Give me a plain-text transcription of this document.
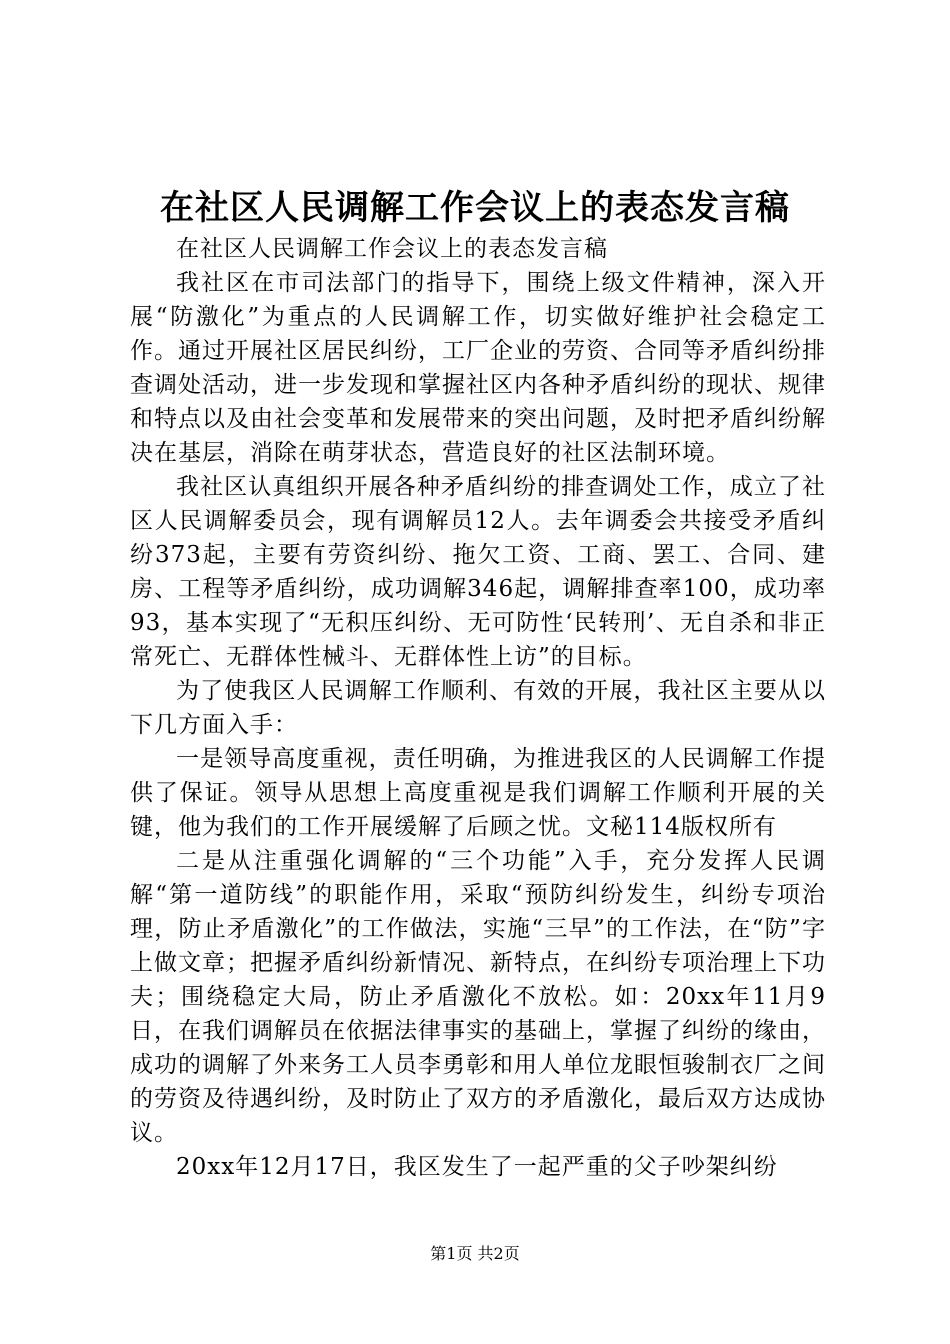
在社区人民调解工作会议上的表态发言稿

在社区人民调解工作会议上的表态发言稿

我社区在市司法部门的指导下，围绕上级文件精神，深入开展“防激化”为重点的人民调解工作，切实做好维护社会稳定工作。通过开展社区居民纠纷，工厂企业的劳资、合同等矛盾纠纷排查调处活动，进一步发现和掌握社区内各种矛盾纠纷的现状、规律和特点以及由社会变革和发展带来的突出问题，及时把矛盾纠纷解决在基层，消除在萌芽状态，营造良好的社区法制环境。

我社区认真组织开展各种矛盾纠纷的排查调处工作，成立了社区人民调解委员会，现有调解员12人。去年调委会共接受矛盾纠纷373起，主要有劳资纠纷、拖欠工资、工商、罢工、合同、建房、工程等矛盾纠纷，成功调解346起，调解排查率100，成功率93，基本实现了“无积压纠纷、无可防性‘民转刑’、无自杀和非正常死亡、无群体性械斗、无群体性上访”的目标。

为了使我区人民调解工作顺利、有效的开展，我社区主要从以下几方面入手：

一是领导高度重视，责任明确，为推进我区的人民调解工作提供了保证。领导从思想上高度重视是我们调解工作顺利开展的关键，他为我们的工作开展缓解了后顾之忧。文秘114版权所有

二是从注重强化调解的“三个功能”入手，充分发挥人民调解“第一道防线”的职能作用，采取“预防纠纷发生，纠纷专项治理，防止矛盾激化”的工作做法，实施“三早”的工作法，在“防”字上做文章；把握矛盾纠纷新情况、新特点，在纠纷专项治理上下功夫；围绕稳定大局，防止矛盾激化不放松。如：20xx年11月9日，在我们调解员在依据法律事实的基础上，掌握了纠纷的缘由，成功的调解了外来务工人员李勇彰和用人单位龙眼恒骏制衣厂之间的劳资及待遇纠纷，及时防止了双方的矛盾激化，最后双方达成协议。

20xx年12月17日，我区发生了一起严重的父子吵架纠纷

第1页 共2页
